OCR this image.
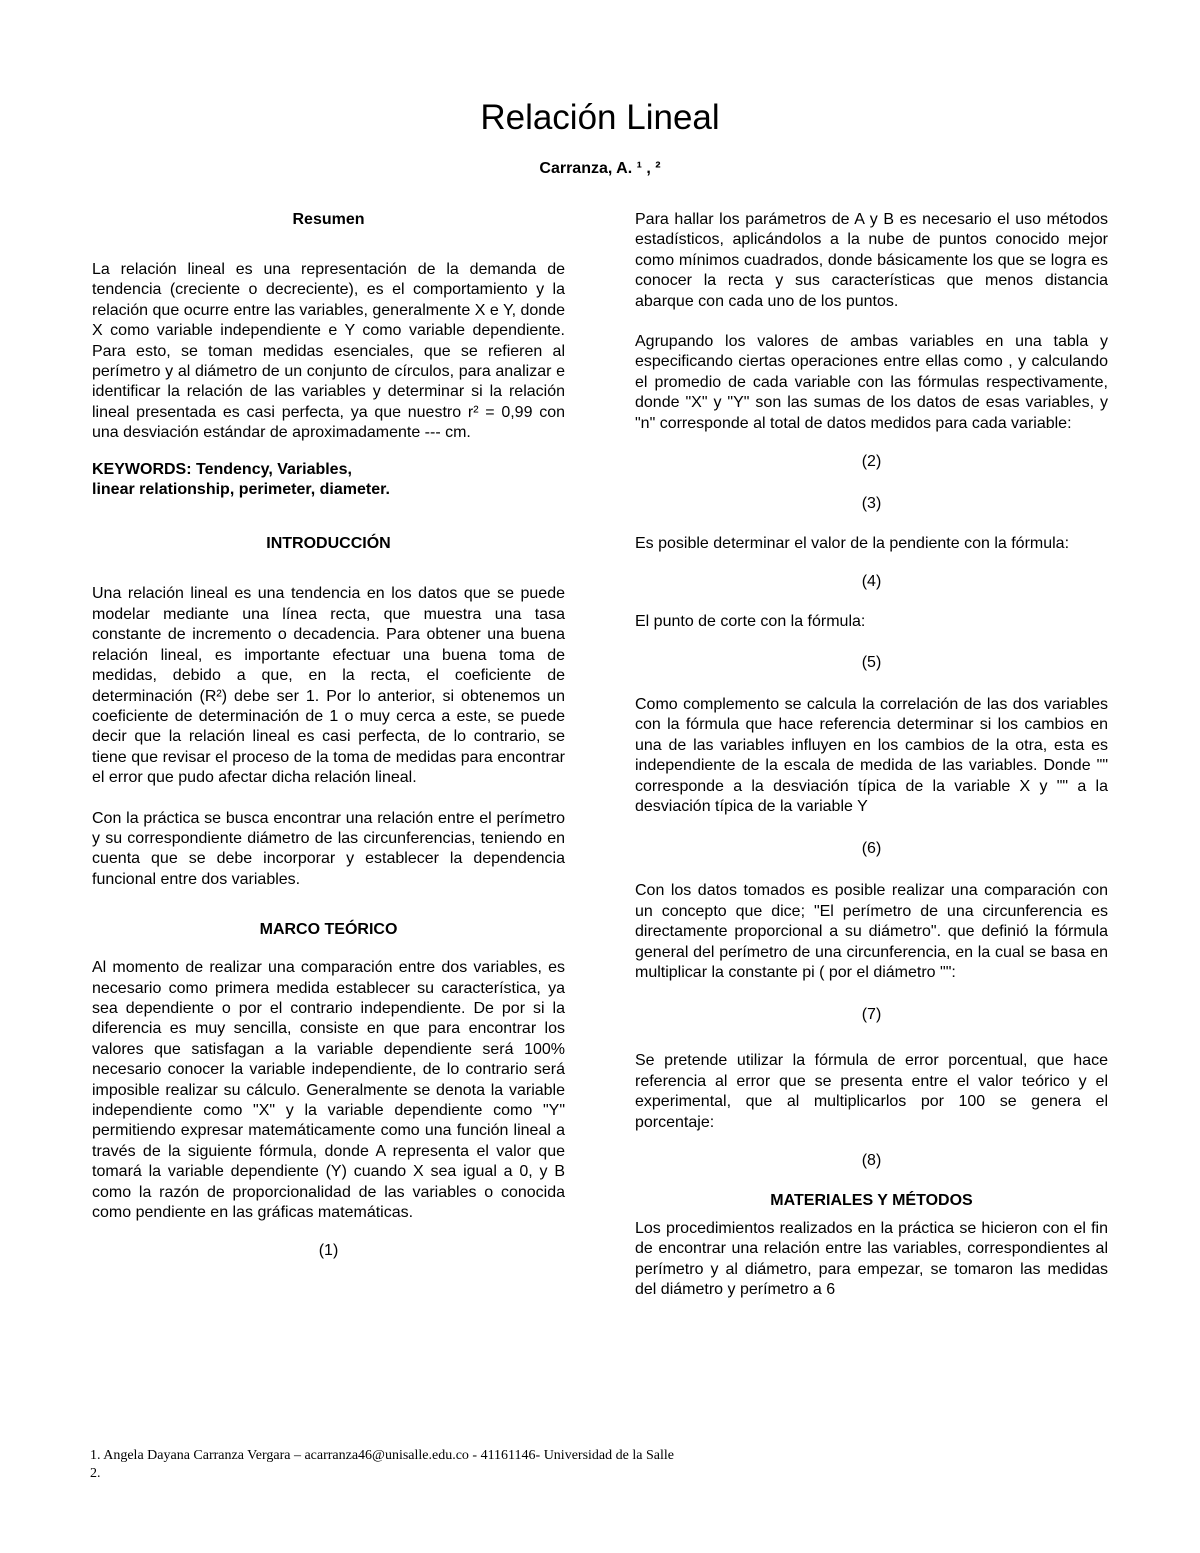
Relación Lineal
Carranza, A. ¹ , ²
Resumen

La relación lineal es una representación de la demanda de tendencia (creciente o decreciente), es el comportamiento y la relación que ocurre entre las variables, generalmente X e Y, donde X como variable independiente e Y como variable dependiente. Para esto, se toman medidas esenciales, que se refieren al perímetro y al diámetro de un conjunto de círculos, para analizar e identificar la relación de las variables y determinar si la relación lineal presentada es casi perfecta, ya que nuestro r² = 0,99 con una desviación estándar de aproximadamente --- cm.

KEYWORDS: Tendency, Variables,
linear relationship, perimeter, diameter.
INTRODUCCIÓN

Una relación lineal es una tendencia en los datos que se puede modelar mediante una línea recta, que muestra una tasa constante de incremento o decadencia. Para obtener una buena relación lineal, es importante efectuar una buena toma de medidas, debido a que, en la recta, el coeficiente de determinación (R²) debe ser 1. Por lo anterior, si obtenemos un coeficiente de determinación de 1 o muy cerca a este, se puede decir que la relación lineal es casi perfecta, de lo contrario, se tiene que revisar el proceso de la toma de medidas para encontrar el error que pudo afectar dicha relación lineal.

Con la práctica se busca encontrar una relación entre el perímetro y su correspondiente diámetro de las circunferencias, teniendo en cuenta que se debe incorporar y establecer la dependencia funcional entre dos variables.

MARCO TEÓRICO

Al momento de realizar una comparación entre dos variables, es necesario como primera medida establecer su característica, ya sea dependiente o por el contrario independiente. De por si la diferencia es muy sencilla, consiste en que para encontrar los valores que satisfagan a la variable dependiente será 100% necesario conocer la variable independiente, de lo contrario será imposible realizar su cálculo. Generalmente se denota la variable independiente como "X" y la variable dependiente como "Y" permitiendo expresar matemáticamente como una función lineal a través de la siguiente fórmula, donde A representa el valor que tomará la variable dependiente (Y) cuando X sea igual a 0, y B como la razón de proporcionalidad de las variables o conocida como pendiente en las gráficas matemáticas.

(1)

Para hallar los parámetros de A y B es necesario el uso métodos estadísticos, aplicándolos a la nube de puntos conocido mejor como mínimos cuadrados, donde básicamente los que se logra es conocer la recta y sus características que menos distancia abarque con cada uno de los puntos.

Agrupando los valores de ambas variables en una tabla y especificando ciertas operaciones entre ellas como , y calculando el promedio de cada variable con las fórmulas respectivamente, donde "X" y "Y" son las sumas de los datos de esas variables, y "n" corresponde al total de datos medidos para cada variable:

(2)
(3)

Es posible determinar el valor de la pendiente con la fórmula:

(4)

El punto de corte con la fórmula:

(5)

Como complemento se calcula la correlación de las dos variables con la fórmula que hace referencia determinar si los cambios en una de las variables influyen en los cambios de la otra, esta es independiente de la escala de medida de las variables. Donde "" corresponde a la desviación típica de la variable X y "" a la desviación típica de la variable Y

(6)

Con los datos tomados es posible realizar una comparación con un concepto que dice; "El perímetro de una circunferencia es directamente proporcional a su diámetro". que definió la fórmula general del perímetro de una circunferencia, en la cual se basa en multiplicar la constante pi ( por el diámetro "":

(7)

Se pretende utilizar la fórmula de error porcentual, que hace referencia al error que se presenta entre el valor teórico y el experimental, que al multiplicarlos por 100 se genera el porcentaje:

(8)
MATERIALES Y MÉTODOS

Los procedimientos realizados en la práctica se hicieron con el fin de encontrar una relación entre las variables, correspondientes al perímetro y al diámetro, para empezar, se tomaron las medidas del diámetro y perímetro a 6

1. Angela Dayana Carranza Vergara – acarranza46@unisalle.edu.co - 41161146- Universidad de la Salle
2.
